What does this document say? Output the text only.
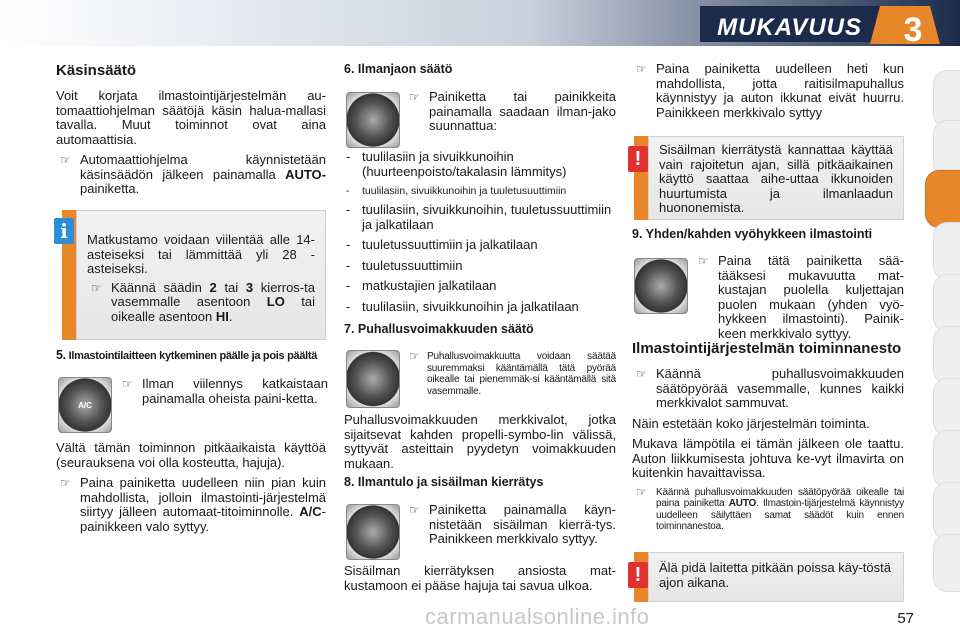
MUKAVUUS	3
Käsinsäätö

Voit korjata ilmastointijärjestelmän au-tomaattiohjelman säätöjä käsin halua-mallasi tavalla. Muut toiminnot ovat aina automaattisia.

☞ Automaattiohjelma käynnistetään käsinsäädön jälkeen painamalla AUTO-painiketta.
i	Matkustamo voidaan viilentää alle 14-asteiseksi tai lämmittää yli 28 -asteiseksi.

☞ Käännä säädin 2 tai 3 kierros-ta vasemmalle asentoon LO tai oikealle asentoon HI.
5. Ilmastointilaitteen kytkeminen päälle ja pois päältä
A/C
☞ Ilman viilennys katkaistaan painamalla oheista paini-ketta.

Vältä tämän toiminnon pitkäaikaista käyttöä (seurauksena voi olla kosteutta, hajuja).

☞ Paina painiketta uudelleen niin pian kuin mahdollista, jolloin ilmastointi-järjestelmä siirtyy jälleen automaat-titoiminnolle. A/C-painikkeen valo syttyy.
6. Ilmanjaon säätö
☞ Painiketta tai painikkeita painamalla saadaan ilman-jako suunnattua:
- tuulilasiin ja sivuikkunoihin (huurteenpoisto/takalasin lämmitys)
- tuulilasiin, sivuikkunoihin ja tuuletusuuttimiin
- tuulilasiin, sivuikkunoihin, tuuletussuuttimiin ja jalkatilaan
- tuuletussuuttimiin ja jalkatilaan
- tuuletussuuttimiin
- matkustajien jalkatilaan
- tuulilasiin, sivuikkunoihin ja jalkatilaan
7. Puhallusvoimakkuuden säätö
☞ Puhallusvoimakkuutta voidaan säätää suuremmaksi kääntämällä tätä pyörää oikealle tai pienemmäk-si kääntämällä sitä vasemmalle.

Puhallusvoimakkuuden merkkivalot, jotka sijaitsevat kahden propelli-symbo-lin välissä, syttyvät asteittain pyydetyn voimakkuuden mukaan.

8. Ilmantulo ja sisäilman kierrätys
☞ Painiketta painamalla käyn-nistetään sisäilman kierrä-tys. Painikkeen merkkivalo syttyy.

Sisäilman kierrätyksen ansiosta mat-kustamoon ei pääse hajuja tai savua ulkoa.

☞ Paina painiketta uudelleen heti kun mahdollista, jotta raitisilmapuhallus käynnistyy ja auton ikkunat eivät huurru. Painikkeen merkkivalo syttyy
!	Sisäilman kierrätystä kannattaa käyttää vain rajoitetun ajan, sillä pitkäaikainen käyttö saattaa aihe-uttaa ikkunoiden huurtumista ja ilmanlaadun huononemista.
9. Yhden/kahden vyöhykkeen ilmastointi
☞ Paina tätä painiketta sää-tääksesi mukavuutta mat-kustajan puolella kuljettajan puolen mukaan (yhden vyö-hykkeen ilmastointi). Painik-keen merkkivalo syttyy.
Ilmastointijärjestelmän toiminnanesto
☞ Käännä puhallusvoimakkuuden säätöpyörää vasemmalle, kunnes kaikki merkkivalot sammuvat.

Näin estetään koko järjestelmän toiminta.

Mukava lämpötila ei tämän jälkeen ole taattu. Auton liikkumisesta johtuva ke-vyt ilmavirta on kuitenkin havaittavissa.

☞ Käännä puhallusvoimakkuuden säätöpyörää oikealle tai paina painiketta AUTO. Ilmastoin-tijärjestelmä käynnistyy uudelleen säilyttäen samat säädöt kuin ennen toiminnanestoa.
!	Älä pidä laitetta pitkään poissa käy-töstä ajon aikana.
carmanualsonline.info	57
